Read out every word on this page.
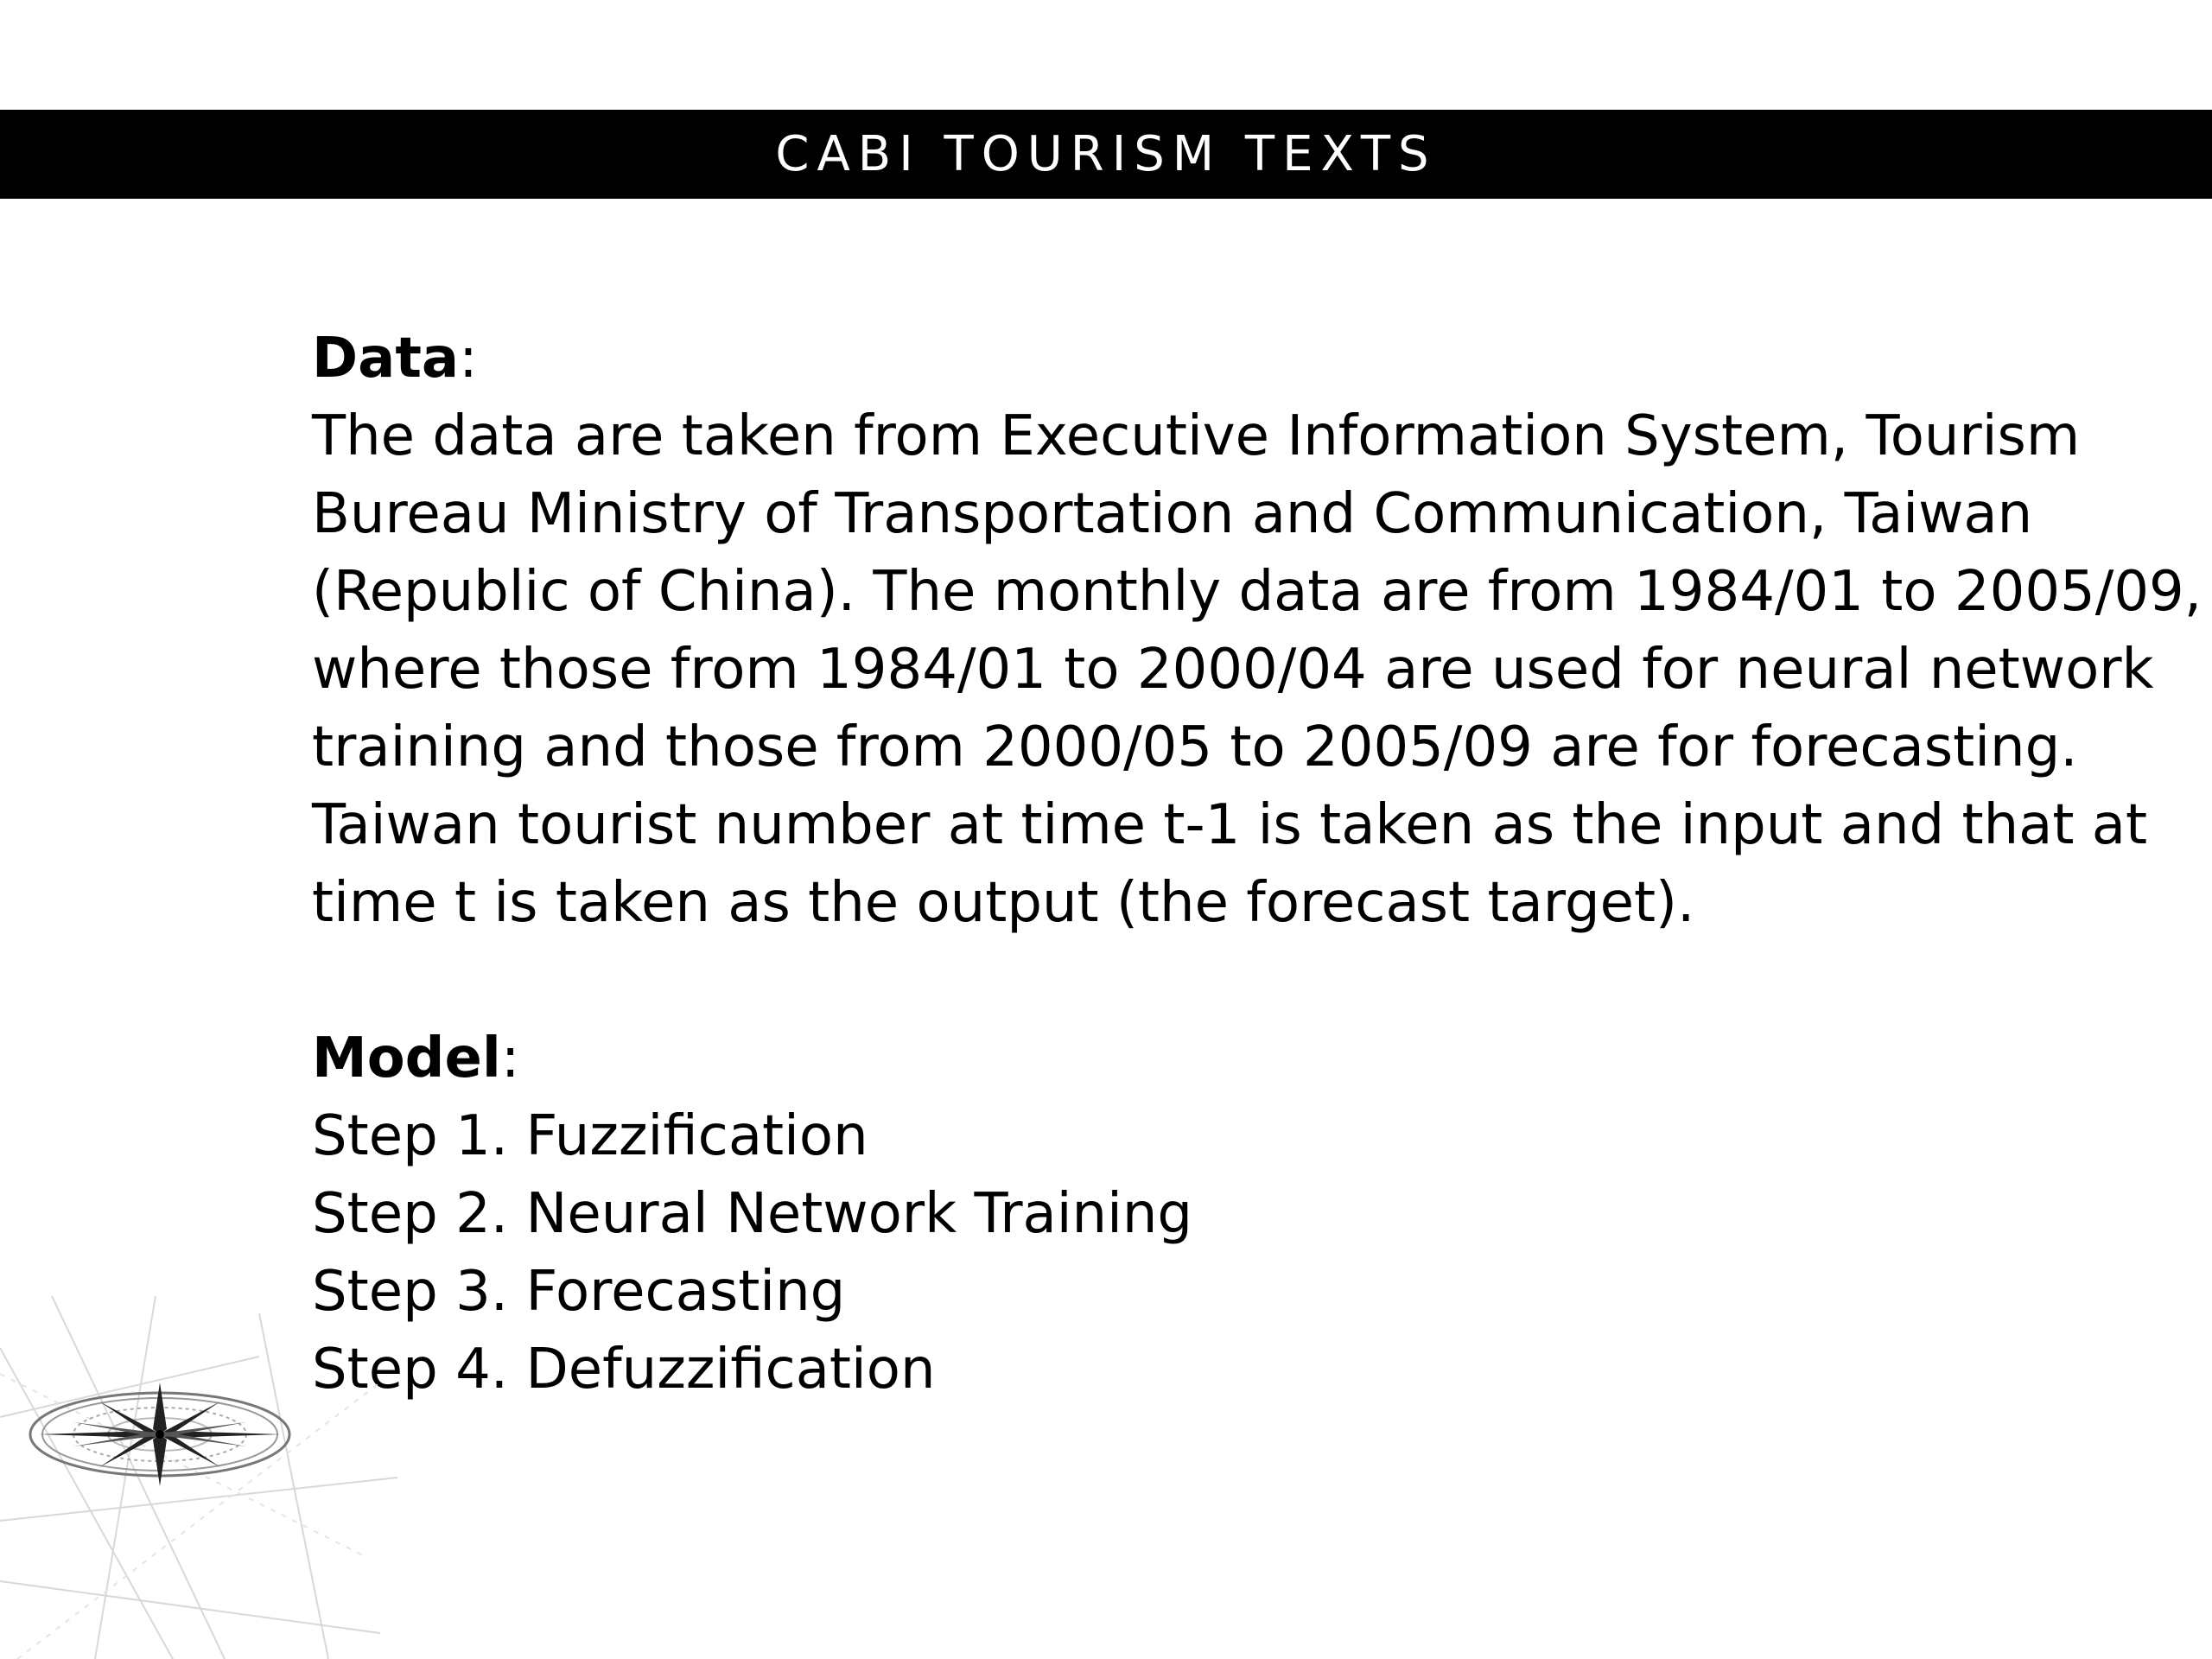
CABI TOURISM TEXTS

Data:

The data are taken from Executive Information System, Tourism
Bureau Ministry of Transportation and Communication, Taiwan
(Republic of China). The monthly data are from 1984/01 to 2005/09,
where those from 1984/01 to 2000/04 are used for neural network
training and those from 2000/05 to 2005/09 are for forecasting.
Taiwan tourist number at time t-1 is taken as the input and that at
time t is taken as the output (the forecast target).

Model:

Step 1. Fuzzification
Step 2. Neural Network Training
Step 3. Forecasting
Step 4. Defuzzification
